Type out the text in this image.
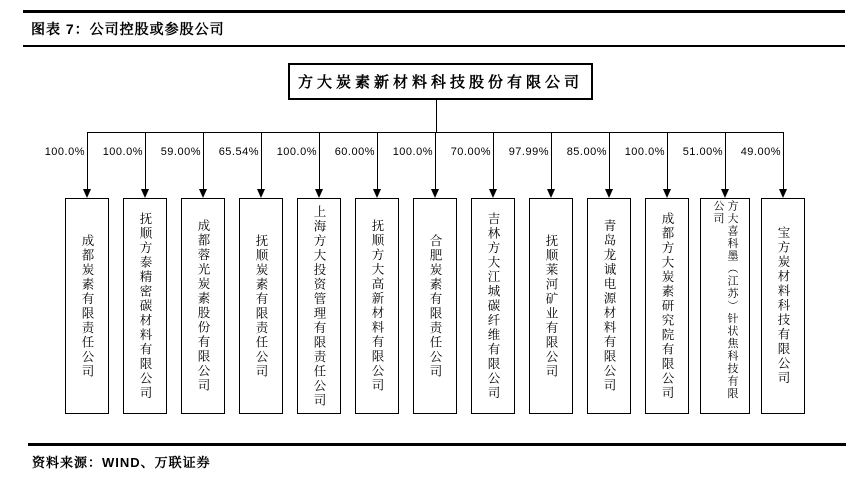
图表 7：公司控股或参股公司
方大炭素新材料科技股份有限公司
100.0%
成都炭素有限责任公司
100.0%
抚顺方泰精密碳材料有限公司
59.00%
成都蓉光炭素股份有限公司
65.54%
抚顺炭素有限责任公司
100.0%
上海方大投资管理有限责任公司
60.00%
抚顺方大高新材料有限公司
100.0%
合肥炭素有限责任公司
70.00%
吉林方大江城碳纤维有限公司
97.99%
抚顺莱河矿业有限公司
85.00%
青岛龙诚电源材料有限公司
100.0%
成都方大炭素研究院有限公司
51.00%
方大喜科墨（江苏）针状焦科技有限公司
49.00%
宝方炭材料科技有限公司
资料来源：WIND、万联证券
